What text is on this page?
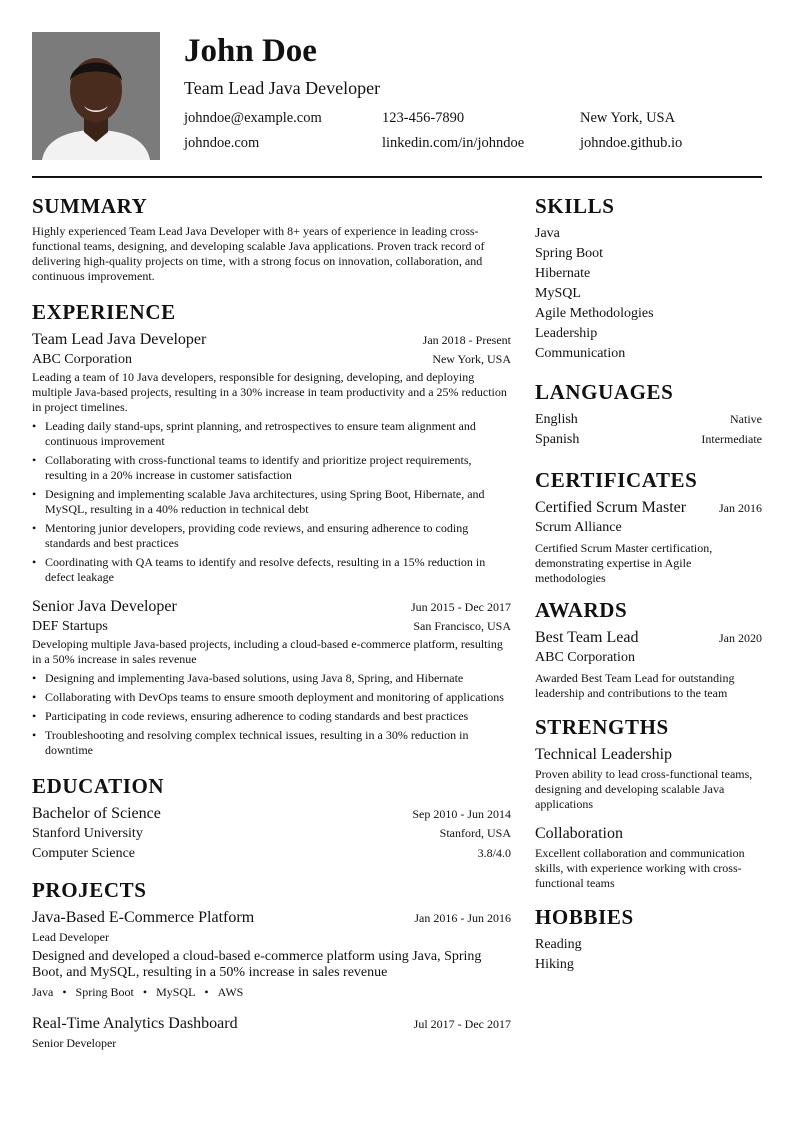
John Doe
Team Lead Java Developer
johndoe@example.com	123-456-7890	New York, USA
johndoe.com	linkedin.com/in/johndoe	johndoe.github.io
SUMMARY
Highly experienced Team Lead Java Developer with 8+ years of experience in leading cross-functional teams, designing, and developing scalable Java applications. Proven track record of delivering high-quality projects on time, with a strong focus on innovation, collaboration, and continuous improvement.
EXPERIENCE
Team Lead Java Developer	Jan 2018 - Present
ABC Corporation	New York, USA
Leading a team of 10 Java developers, responsible for designing, developing, and deploying multiple Java-based projects, resulting in a 30% increase in team productivity and a 25% reduction in project timelines.
• Leading daily stand-ups, sprint planning, and retrospectives to ensure team alignment and continuous improvement
• Collaborating with cross-functional teams to identify and prioritize project requirements, resulting in a 20% increase in customer satisfaction
• Designing and implementing scalable Java architectures, using Spring Boot, Hibernate, and MySQL, resulting in a 40% reduction in technical debt
• Mentoring junior developers, providing code reviews, and ensuring adherence to coding standards and best practices
• Coordinating with QA teams to identify and resolve defects, resulting in a 15% reduction in defect leakage
Senior Java Developer	Jun 2015 - Dec 2017
DEF Startups	San Francisco, USA
Developing multiple Java-based projects, including a cloud-based e-commerce platform, resulting in a 50% increase in sales revenue
• Designing and implementing Java-based solutions, using Java 8, Spring, and Hibernate
• Collaborating with DevOps teams to ensure smooth deployment and monitoring of applications
• Participating in code reviews, ensuring adherence to coding standards and best practices
• Troubleshooting and resolving complex technical issues, resulting in a 30% reduction in downtime
EDUCATION
Bachelor of Science	Sep 2010 - Jun 2014
Stanford University	Stanford, USA
Computer Science	3.8/4.0
PROJECTS
Java-Based E-Commerce Platform	Jan 2016 - Jun 2016
Lead Developer
Designed and developed a cloud-based e-commerce platform using Java, Spring Boot, and MySQL, resulting in a 50% increase in sales revenue
Java • Spring Boot • MySQL • AWS
Real-Time Analytics Dashboard	Jul 2017 - Dec 2017
Senior Developer
SKILLS
Java
Spring Boot
Hibernate
MySQL
Agile Methodologies
Leadership
Communication
LANGUAGES
English	Native
Spanish	Intermediate
CERTIFICATES
Certified Scrum Master	Jan 2016
Scrum Alliance
Certified Scrum Master certification, demonstrating expertise in Agile methodologies
AWARDS
Best Team Lead	Jan 2020
ABC Corporation
Awarded Best Team Lead for outstanding leadership and contributions to the team
STRENGTHS
Technical Leadership
Proven ability to lead cross-functional teams, designing and developing scalable Java applications
Collaboration
Excellent collaboration and communication skills, with experience working with cross-functional teams
HOBBIES
Reading
Hiking
